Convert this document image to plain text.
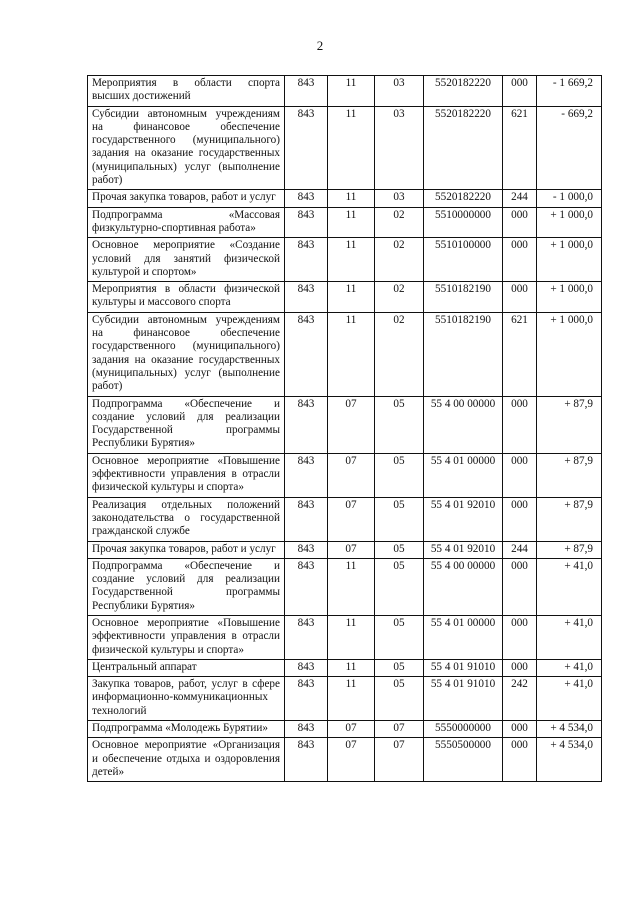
2
Мероприятия в области спорта высших достижений	843	11	03	5520182220	000	- 1 669,2
Субсидии автономным учреждениям на финансовое обеспечение государственного (муниципального) задания на оказание государственных (муниципальных) услуг (выполнение работ)	843	11	03	5520182220	621	- 669,2
Прочая закупка товаров, работ и услуг	843	11	03	5520182220	244	- 1 000,0
Подпрограмма «Массовая физкультурно-спортивная работа»	843	11	02	5510000000	000	+ 1 000,0
Основное мероприятие «Создание условий для занятий физической культурой и спортом»	843	11	02	5510100000	000	+ 1 000,0
Мероприятия в области физической культуры и массового спорта	843	11	02	5510182190	000	+ 1 000,0
Субсидии автономным учреждениям на финансовое обеспечение государственного (муниципального) задания на оказание государственных (муниципальных) услуг (выполнение работ)	843	11	02	5510182190	621	+ 1 000,0
Подпрограмма «Обеспечение и создание условий для реализации Государственной программы Республики Бурятия»	843	07	05	55 4 00 00000	000	+ 87,9
Основное мероприятие «Повышение эффективности управления в отрасли физической культуры и спорта»	843	07	05	55 4 01 00000	000	+ 87,9
Реализация отдельных положений законодательства о государственной гражданской службе	843	07	05	55 4 01 92010	000	+ 87,9
Прочая закупка товаров, работ и услуг	843	07	05	55 4 01 92010	244	+ 87,9
Подпрограмма «Обеспечение и создание условий для реализации Государственной программы Республики Бурятия»	843	11	05	55 4 00 00000	000	+ 41,0
Основное мероприятие «Повышение эффективности управления в отрасли физической культуры и спорта»	843	11	05	55 4 01 00000	000	+ 41,0
Центральный аппарат	843	11	05	55 4 01 91010	000	+ 41,0
Закупка товаров, работ, услуг в сфере информационно-коммуникационных технологий	843	11	05	55 4 01 91010	242	+ 41,0
Подпрограмма «Молодежь Бурятии»	843	07	07	5550000000	000	+ 4 534,0
Основное мероприятие «Организация и обеспечение отдыха и оздоровления детей»	843	07	07	5550500000	000	+ 4 534,0
